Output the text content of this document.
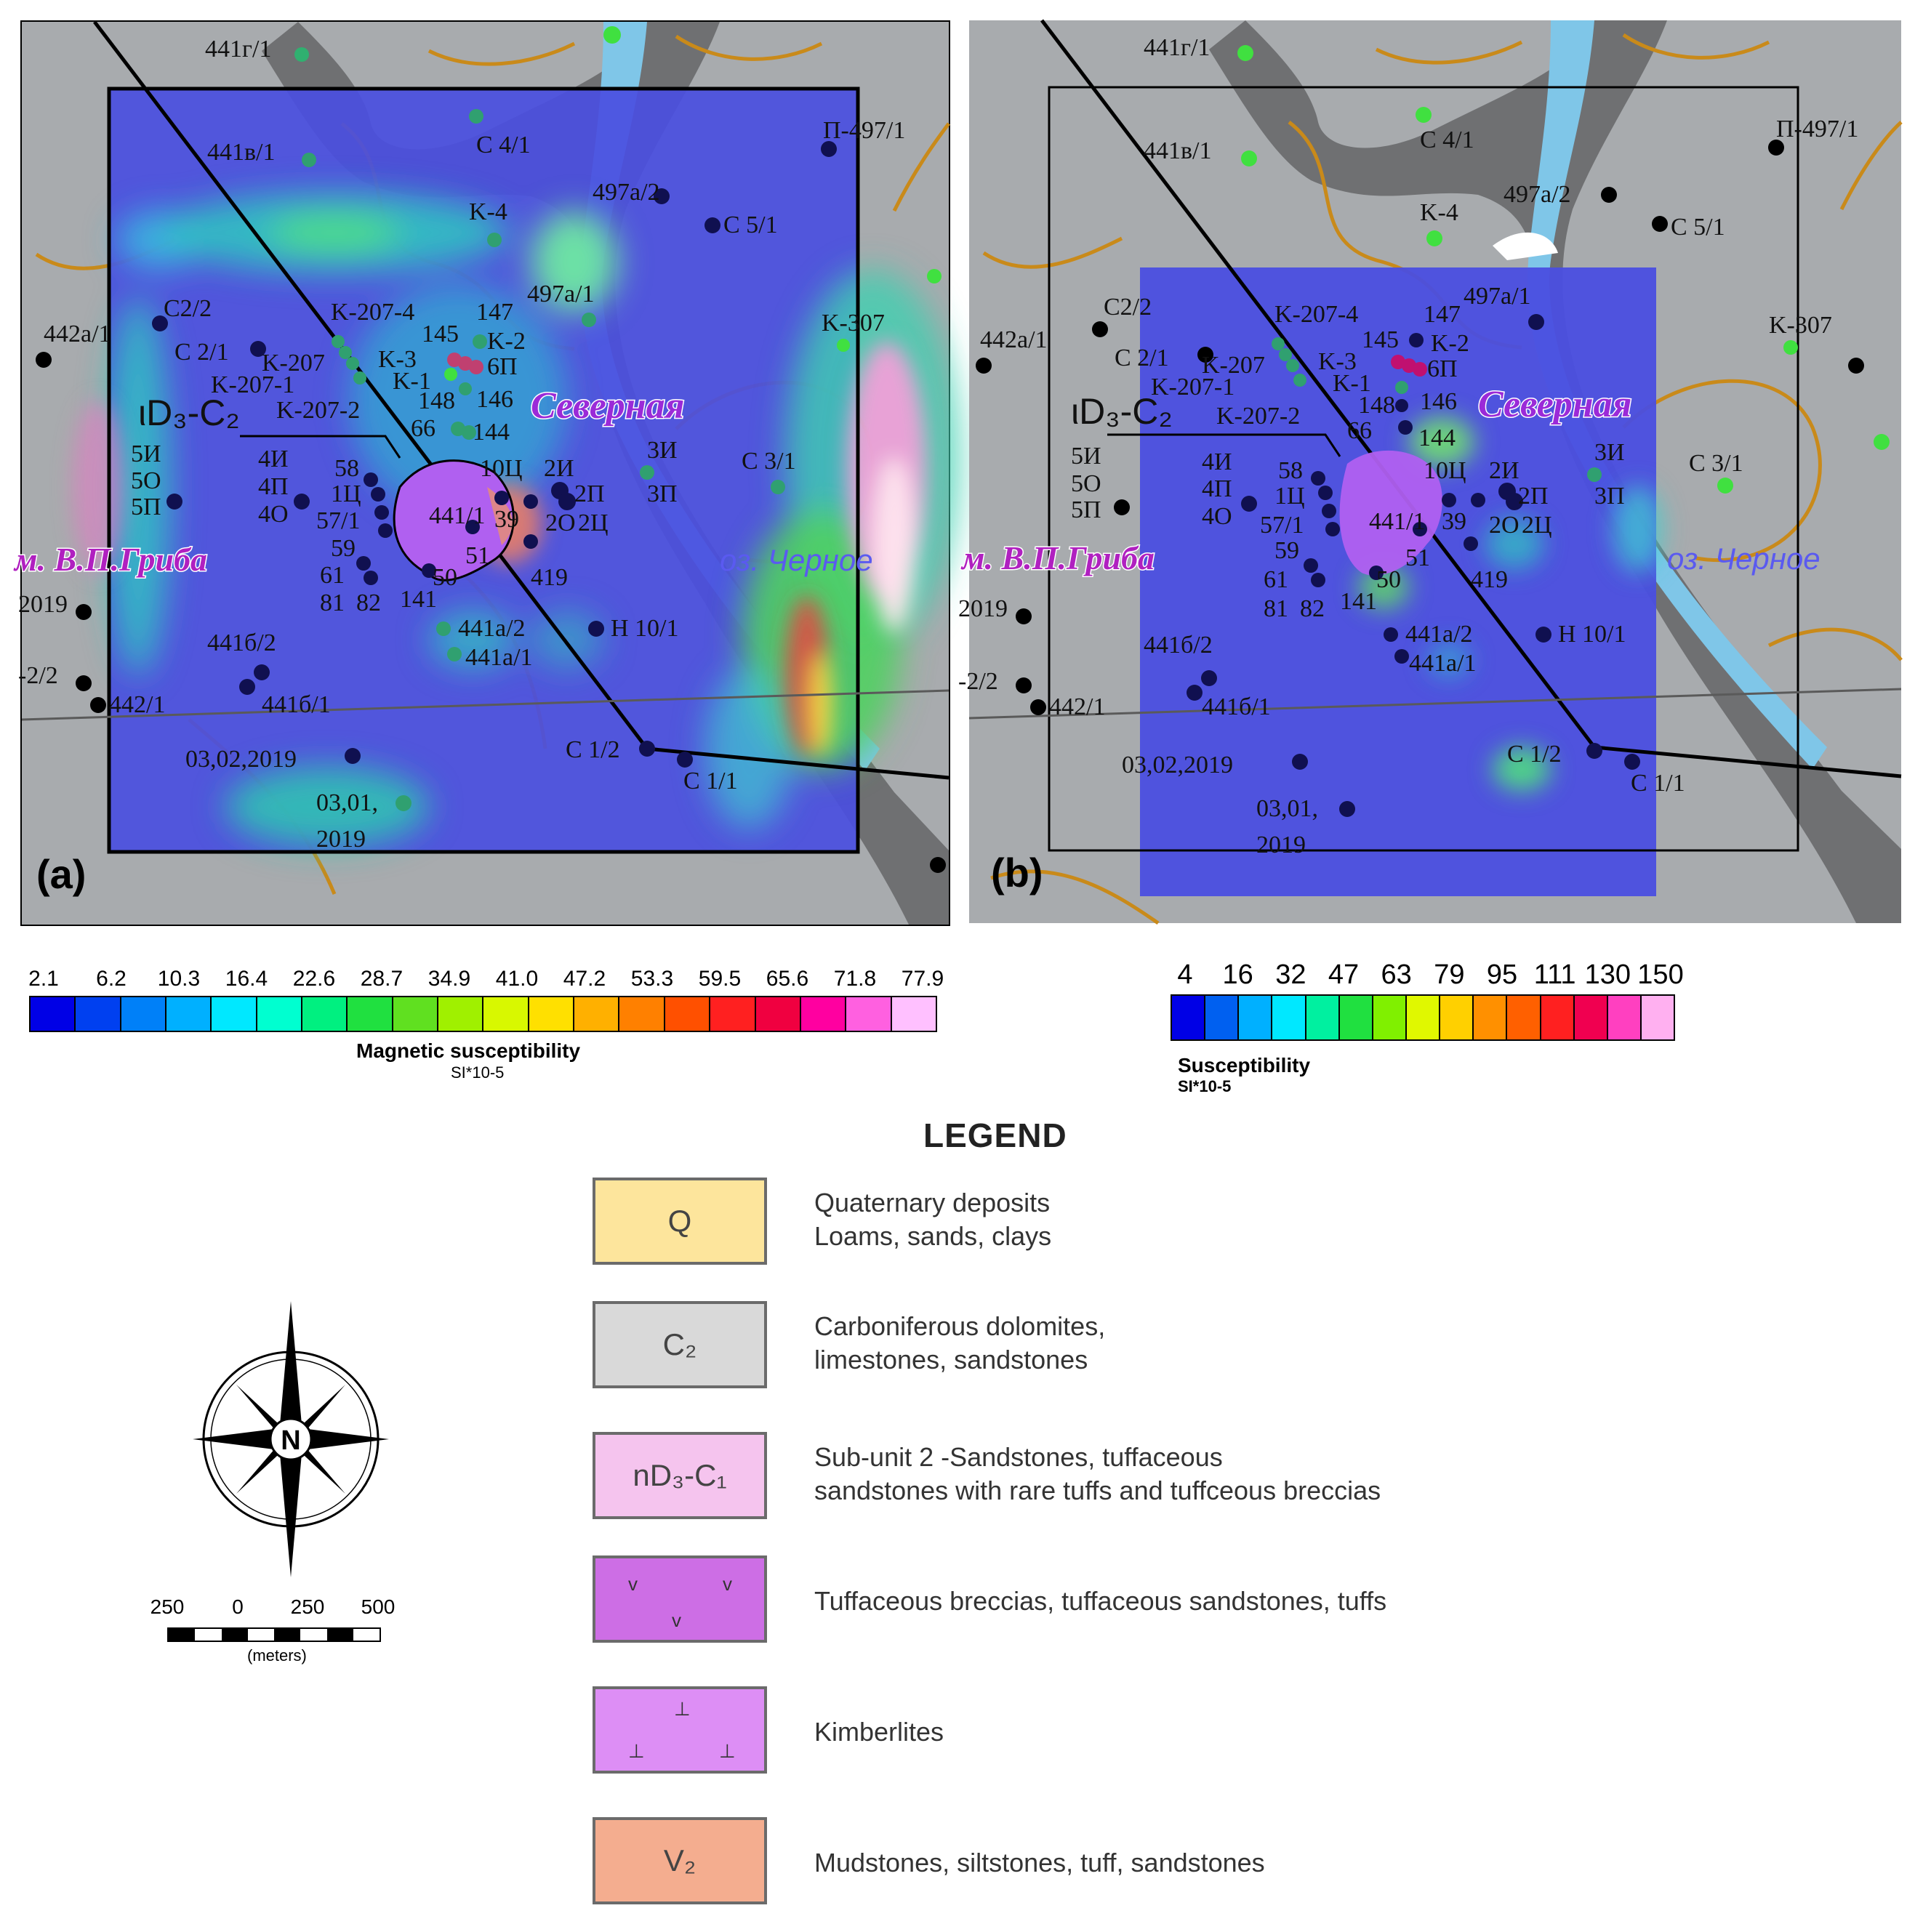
ιD₃-C₂	Северная
м. В.П.Гриба	оз. Черное
441г/1
C 4/1
441в/1
П-497/1
497а/2
C 5/1
K-4
497а/1
C2/2
442а/1
K-207-4 147
145 K-2
C 2/1 K-207 K-3	6П
K-1
K-207-1
148 146
K-207-2
66 144
5И
5О
5П
4И
4П
4О
58
1Ц
57/1
59
61
81 82
441/1
10Ц
39
2И
2П
2О 2Ц
3И
3П
C 3/1
50
51
419
141
441а/2
441а/1
H 10/1
441б/2
441б/1
442/1
2019
-2/2
03,02,2019	C 1/2
C 1/1
03,01,
2019
K-307
(a)
ιD₃-C₂	Северная
м. В.П.Гриба	оз. Черное
441г/1
C 4/1
441в/1
П-497/1
497а/2
C 5/1
K-4
497а/1
C2/2
442а/1
K-207-4	147
145 K-2
C 2/1 K-207 K-3	6П
K-1
K-207-1
148 146
K-207-2
66 144
5И
5О
5П
4И
4П
4О
58
1Ц
57/1
59
61
81 82
441/1
10Ц
39
2И
2П
2О 2Ц
3И
3П
C 3/1
50
51
419
141
441а/2
441а/1
H 10/1
441б/2
441б/1
442/1
2019
-2/2
03,02,2019	C 1/2
C 1/1
03,01,
2019
K-307
(b)
2.1 6.2 10.3 16.4 22.6 28.7 34.9 41.0 47.2 53.3 59.5 65.6 71.8 77.9
Magnetic susceptibility
SI*10-5
4 16 32 47 63 79 95 111 130 150
Susceptibility
SI*10-5
LEGEND
Q
Quaternary deposits
Loams, sands, clays
C₂
Carboniferous dolomites,
limestones, sandstones
nD₃-C₁
Sub-unit 2 -Sandstones, tuffaceous
sandstones with rare tuffs and tuffceous breccias
v	v
v
Tuffaceous breccias, tuffaceous sandstones, tuffs
⊥
⊥	⊥
Kimberlites
V₂	Mudstones, siltstones, tuff, sandstones
N
250 0 250 500
(meters)
